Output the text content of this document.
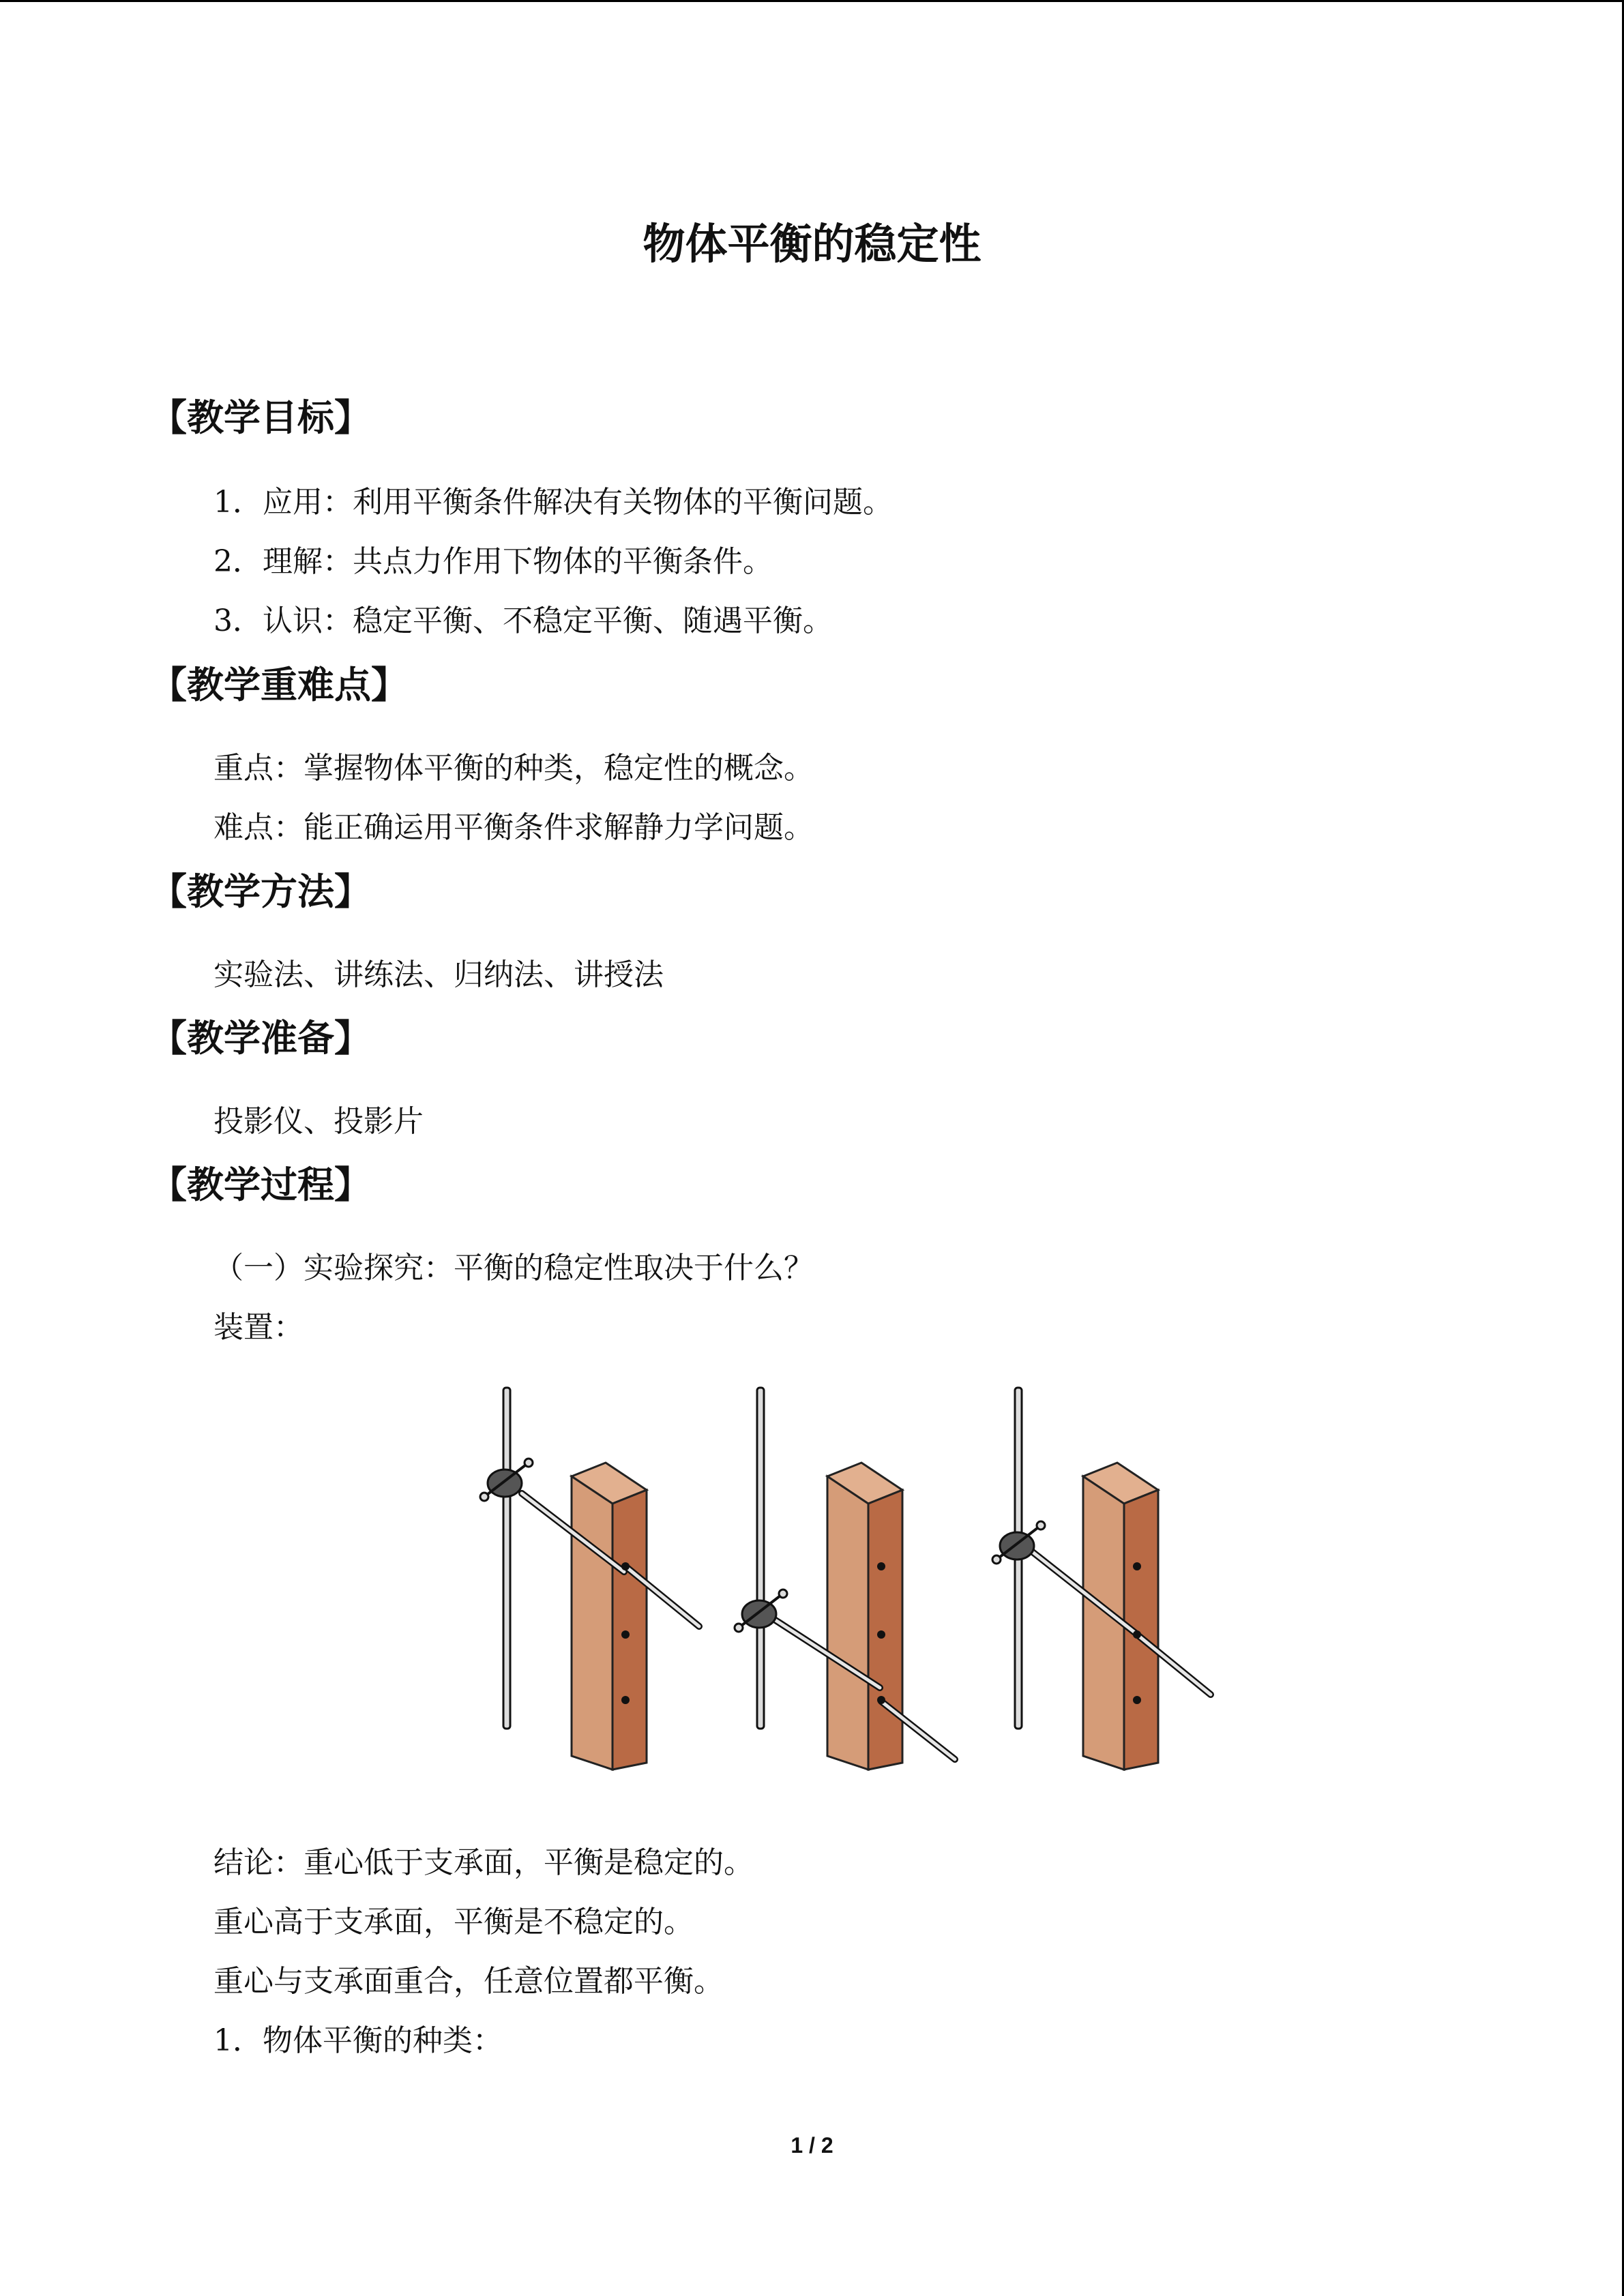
物体平衡的稳定性
【教学目标】
1．应用：利用平衡条件解决有关物体的平衡问题。
2．理解：共点力作用下物体的平衡条件。
3．认识：稳定平衡、不稳定平衡、随遇平衡。
【教学重难点】
重点：掌握物体平衡的种类，稳定性的概念。
难点：能正确运用平衡条件求解静力学问题。
【教学方法】
实验法、讲练法、归纳法、讲授法
【教学准备】
投影仪、投影片
【教学过程】
（一）实验探究：平衡的稳定性取决于什么？
装置：
结论：重心低于支承面，平衡是稳定的。
重心高于支承面，平衡是不稳定的。
重心与支承面重合，任意位置都平衡。
1．物体平衡的种类：
1 / 2
